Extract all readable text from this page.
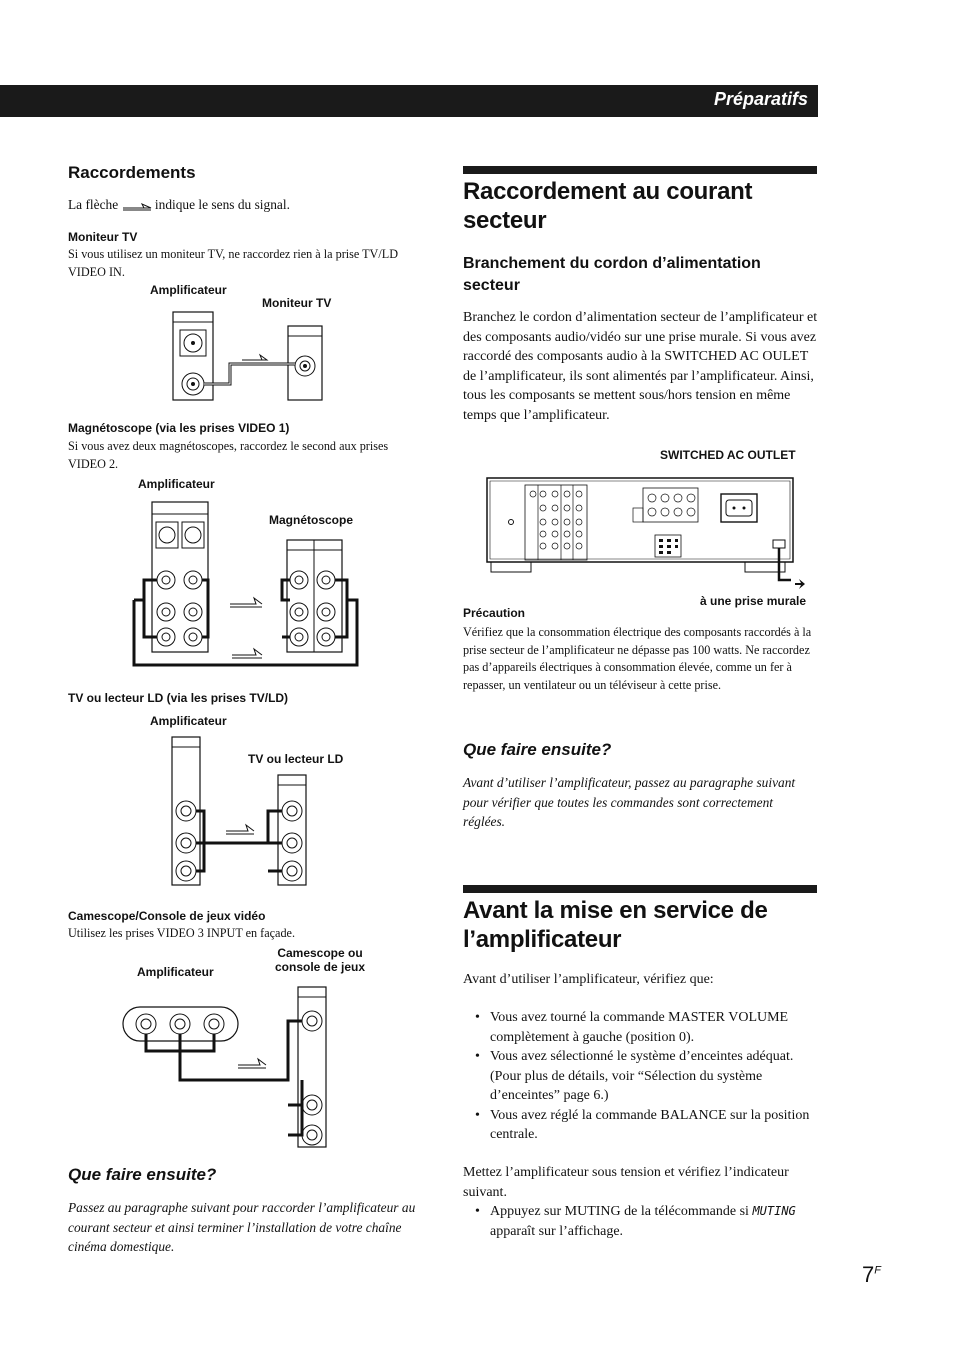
Préparatifs
Raccordements
La flèche	indique le sens du signal.
Moniteur TV
Si vous utilisez un moniteur TV, ne raccordez rien à la prise TV/LD VIDEO IN.
Amplificateur
Moniteur TV
Magnétoscope (via les prises VIDEO 1)
Si vous avez deux magnétoscopes, raccordez le second aux prises VIDEO 2.
Amplificateur
Magnétoscope
TV ou lecteur LD (via les prises TV/LD)
Amplificateur
TV ou lecteur LD
Camescope/Console de jeux vidéo
Utilisez les prises VIDEO 3 INPUT en façade.
Amplificateur
Camescope ou
console de jeux
Que faire ensuite?
Passez au paragraphe suivant pour raccorder l’amplificateur au courant secteur et ainsi terminer l’installation de votre chaîne cinéma domestique.
Raccordement au courant
secteur
Branchement du cordon d’alimentation
secteur
Branchez le cordon d’alimentation secteur de l’amplificateur et des composants audio/vidéo sur une prise murale. Si vous avez raccordé des composants audio à la SWITCHED AC OULET de l’amplificateur, ils sont alimentés par l’amplificateur. Ainsi, tous les composants se mettent sous/hors tension en même temps que l’amplificateur.
SWITCHED AC OUTLET
à une prise murale
Précaution
Vérifiez que la consommation électrique des composants raccordés à la prise secteur de l’amplificateur ne dépasse pas 100 watts. Ne raccordez pas d’appareils électriques à consommation élevée, comme un fer à repasser, un ventilateur ou un téléviseur à cette prise.
Que faire ensuite?
Avant d’utiliser l’amplificateur, passez au paragraphe suivant pour vérifier que toutes les commandes sont correctement réglées.
Avant la mise en service de
l’amplificateur
Avant d’utiliser l’amplificateur, vérifiez que:
• Vous avez tourné la commande MASTER VOLUME complètement à gauche (position 0).
• Vous avez sélectionné le système d’enceintes adéquat. (Pour plus de détails, voir “Sélection du système d’enceintes” page 6.)
• Vous avez réglé la commande BALANCE sur la position centrale.
Mettez l’amplificateur sous tension et vérifiez l’indicateur suivant.
• Appuyez sur MUTING de la télécommande si MUTING apparaît sur l’affichage.
$7^F$
